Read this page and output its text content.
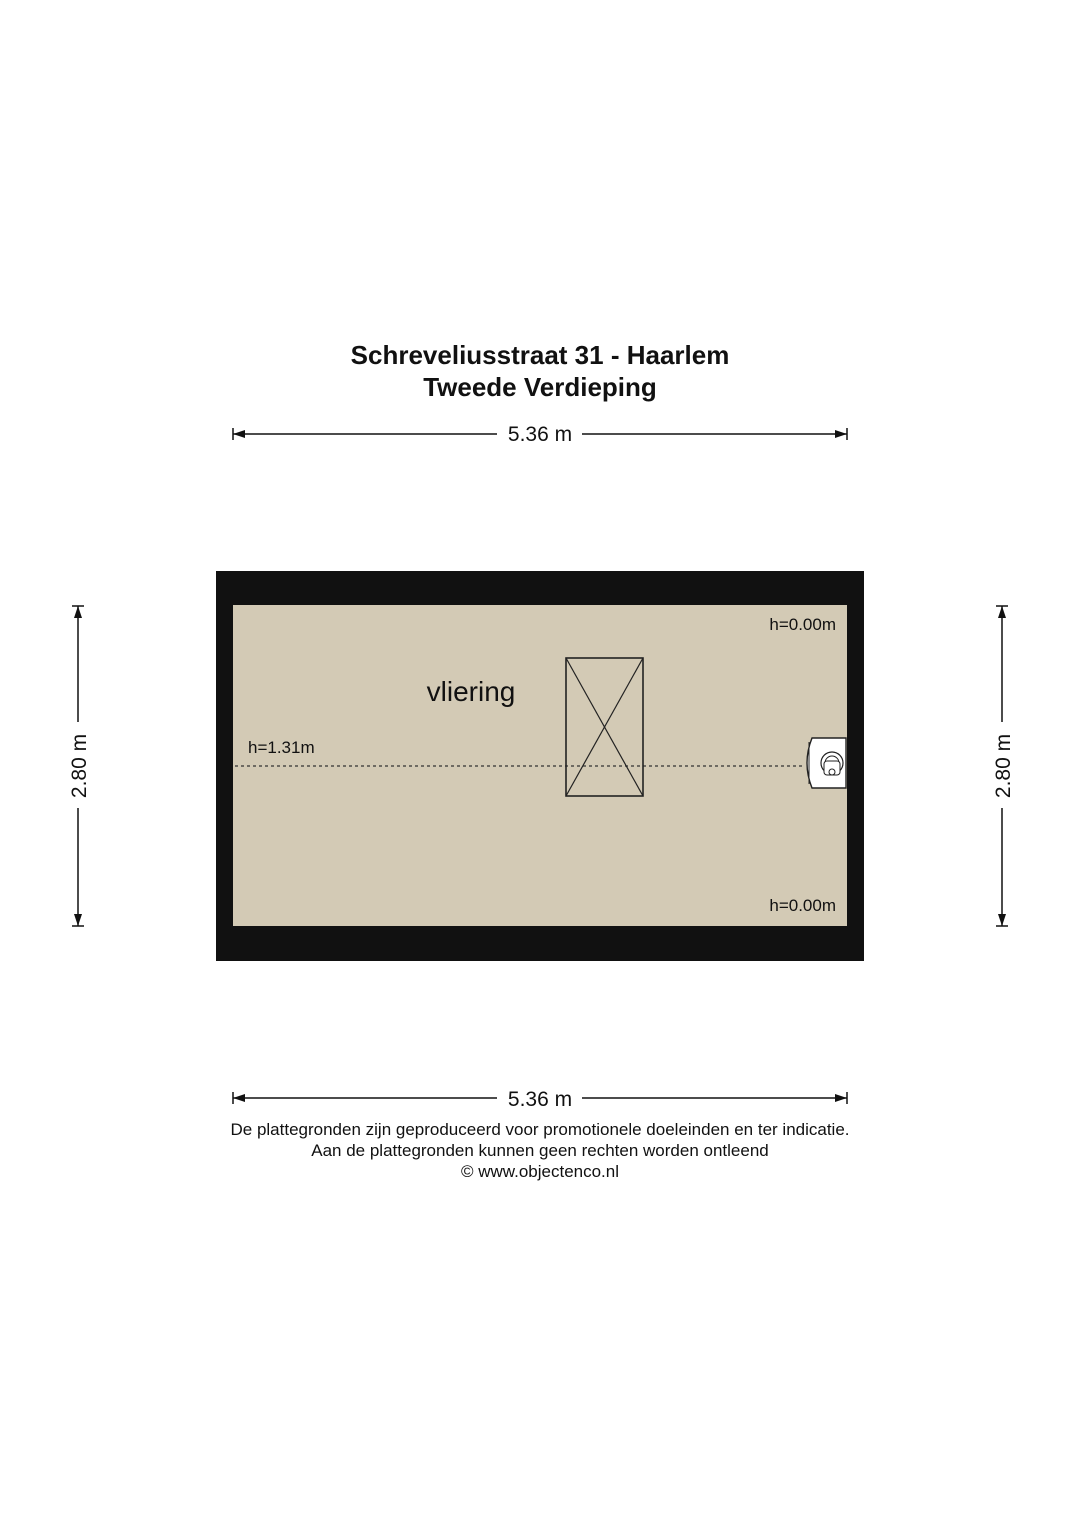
Schreveliusstraat 31 - Haarlem
Tweede Verdieping
5.36 m
vliering
h=1.31m
h=0.00m
h=0.00m
2.80 m	2.80 m
5.36 m
De plattegronden zijn geproduceerd voor promotionele doeleinden en ter indicatie.
Aan de plattegronden kunnen geen rechten worden ontleend
© www.objectenco.nl
